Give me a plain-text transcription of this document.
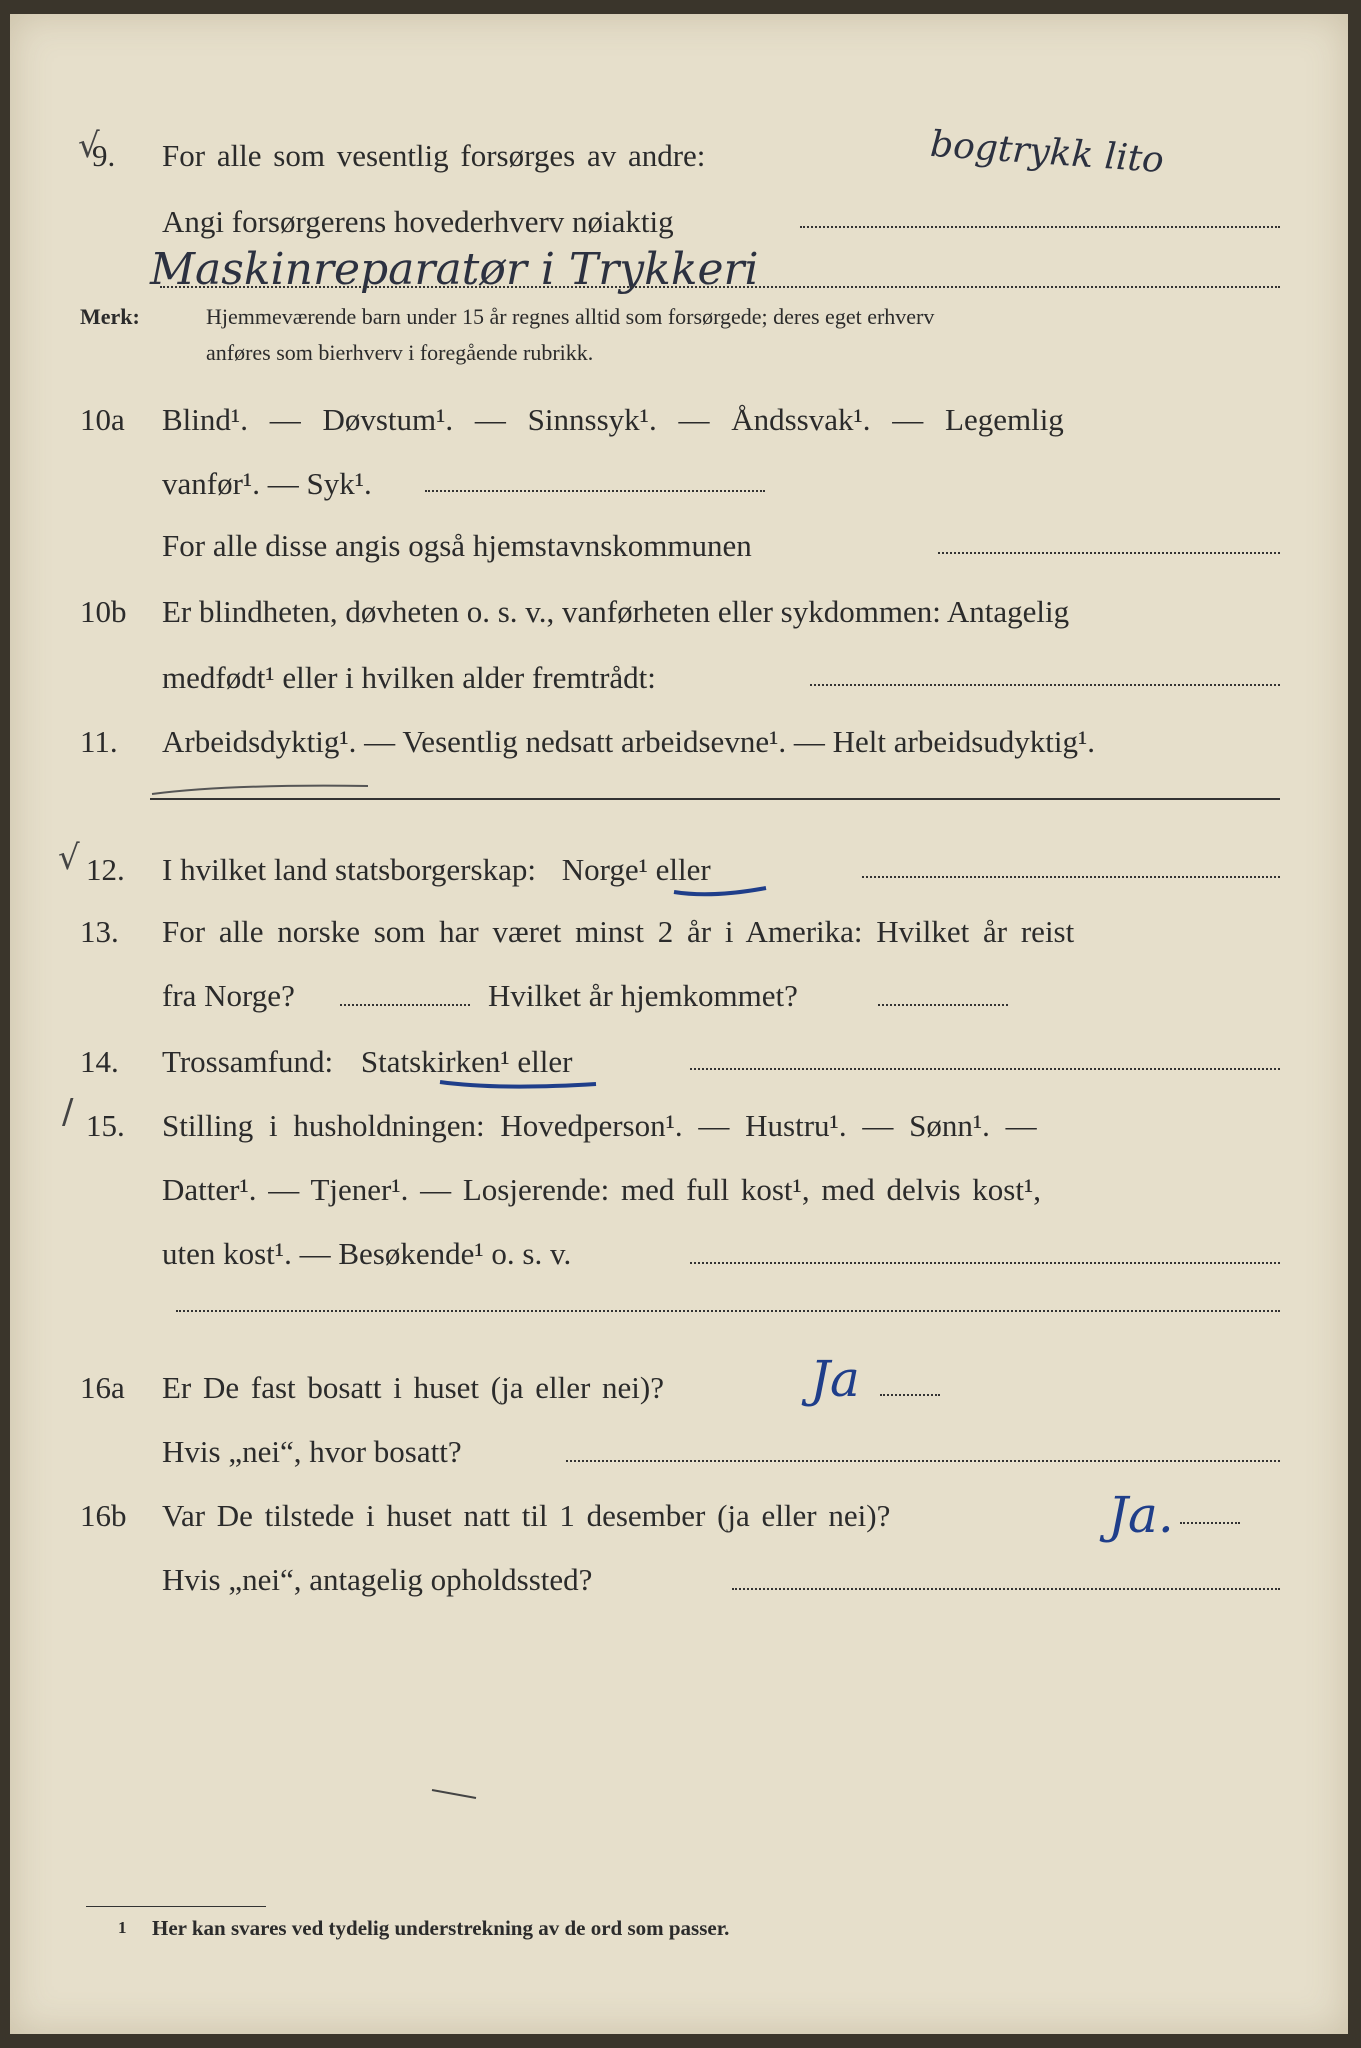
√
9. For alle som vesentlig forsørges av andre:	bogtrykk lito
Angi forsørgerens hovederhverv nøiaktig
Maskinreparatør i Trykkeri
Merk:	Hjemmeværende barn under 15 år regnes alltid som forsørgede; deres eget erhverv
anføres som bierhverv i foregående rubrikk.
10a Blind¹. — Døvstum¹. — Sinnssyk¹. — Åndssvak¹. — Legemlig
vanfør¹. — Syk¹.
For alle disse angis også hjemstavnskommunen
10b Er blindheten, døvheten o. s. v., vanførheten eller sykdommen: Antagelig
medfødt¹ eller i hvilken alder fremtrådt:
11. Arbeidsdyktig¹. — Vesentlig nedsatt arbeidsevne¹. — Helt arbeidsudyktig¹.
√ 12. I hvilket land statsborgerskap: Norge¹ eller
13. For alle norske som har været minst 2 år i Amerika: Hvilket år reist
fra Norge?	Hvilket år hjemkommet?
14. Trossamfund: Statskirken¹ eller
/ 15. Stilling i husholdningen: Hovedperson¹. — Hustru¹. — Sønn¹. —
Datter¹. — Tjener¹. — Losjerende: med full kost¹, med delvis kost¹,
uten kost¹. — Besøkende¹ o. s. v.
16a Er De fast bosatt i huset (ja eller nei)?	Ja
Hvis „nei“, hvor bosatt?
16b Var De tilstede i huset natt til 1 desember (ja eller nei)?	Ja.
Hvis „nei“, antagelig opholdssted?
1 Her kan svares ved tydelig understrekning av de ord som passer.
